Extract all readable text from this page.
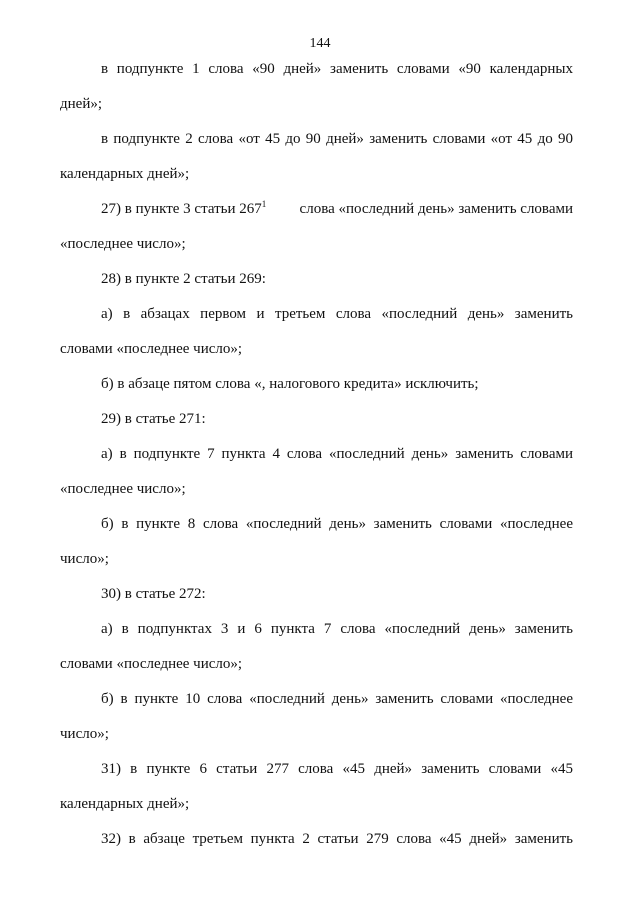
144
в подпункте 1 слова «90 дней» заменить словами «90 календарных
дней»;
в подпункте 2 слова «от 45 до 90 дней» заменить словами «от 45 до 90
календарных дней»;
27) в пункте 3 статьи $267^1$ слова «последний день» заменить словами
«последнее число»;
28) в пункте 2 статьи 269:
а) в абзацах первом и третьем слова «последний день» заменить
словами «последнее число»;
б) в абзаце пятом слова «, налогового кредита» исключить;
29) в статье 271:
а) в подпункте 7 пункта 4 слова «последний день» заменить словами
«последнее число»;
б) в пункте 8 слова «последний день» заменить словами «последнее
число»;
30) в статье 272:
а) в подпунктах 3 и 6 пункта 7 слова «последний день» заменить
словами «последнее число»;
б) в пункте 10 слова «последний день» заменить словами «последнее
число»;
31) в пункте 6 статьи 277 слова «45 дней» заменить словами «45
календарных дней»;
32) в абзаце третьем пункта 2 статьи 279 слова «45 дней» заменить
